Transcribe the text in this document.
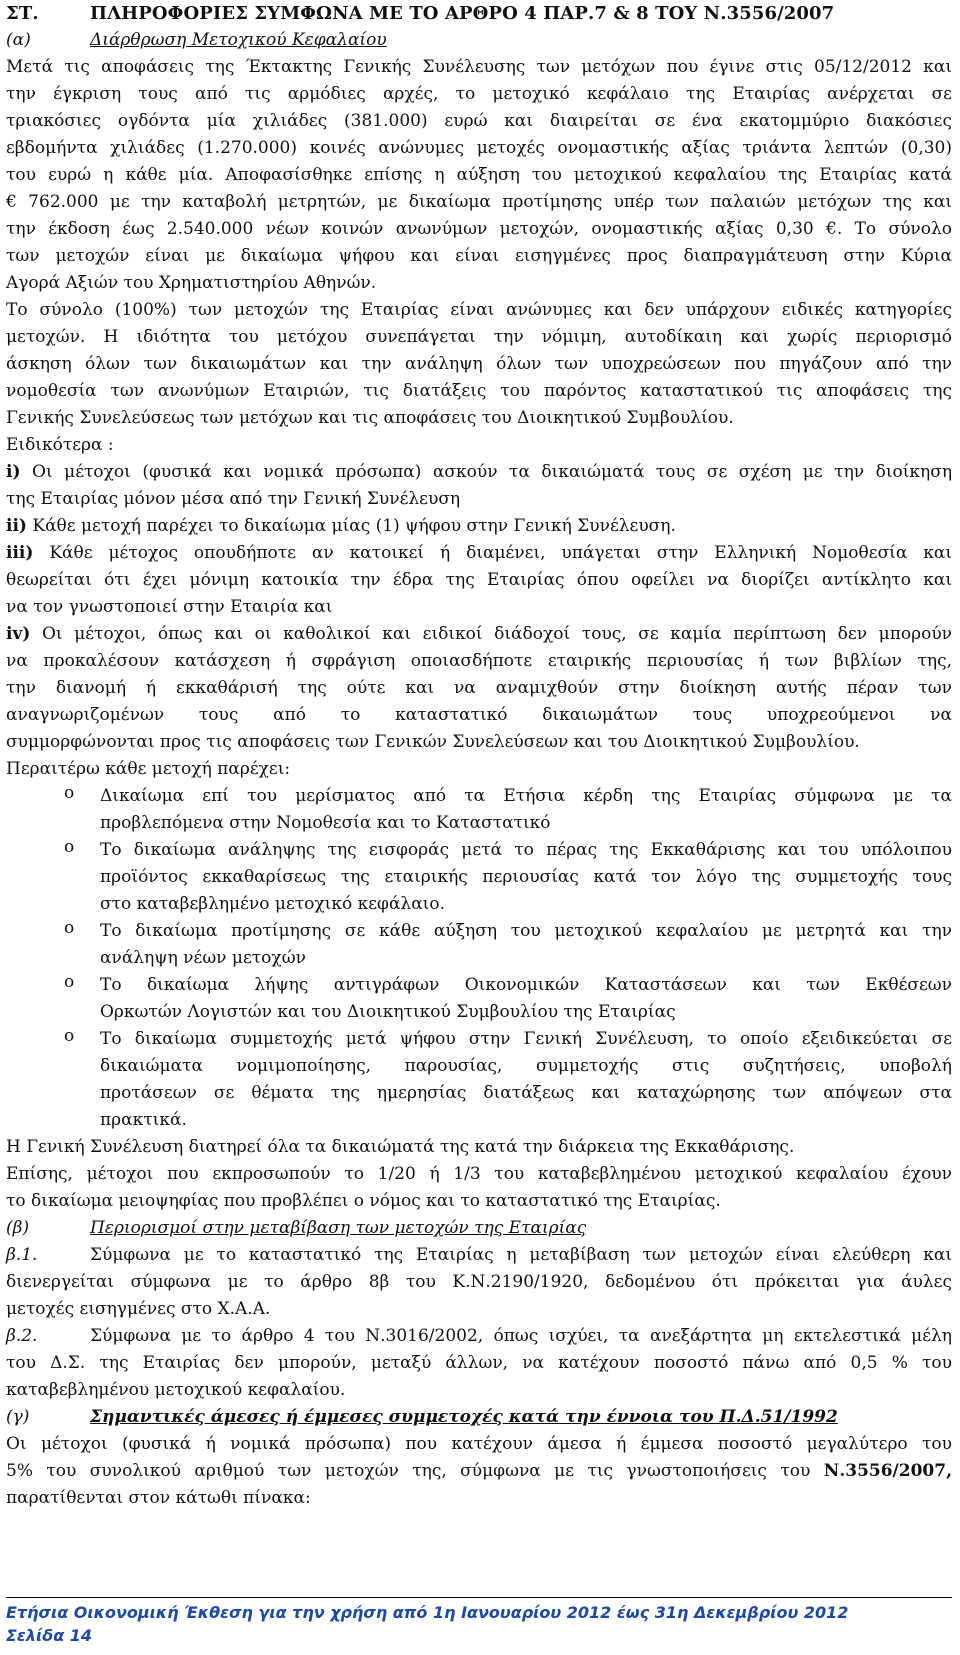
ΣΤ.	ΠΛΗΡΟΦΟΡΙΕΣ ΣΥΜΦΩΝΑ ΜΕ ΤΟ ΑΡΘΡΟ 4 ΠΑΡ.7 & 8 ΤΟΥ Ν.3556/2007
(α)	Διάρθρωση Μετοχικού Κεφαλαίου
Μετά τις αποφάσεις της Έκτακτης Γενικής Συνέλευσης των μετόχων που έγινε στις 05/12/2012 και
την έγκριση τους από τις αρμόδιες αρχές, το μετοχικό κεφάλαιο της Εταιρίας ανέρχεται σε
τριακόσιες ογδόντα μία χιλιάδες (381.000) ευρώ και διαιρείται σε ένα εκατομμύριο διακόσιες
εβδομήντα χιλιάδες (1.270.000) κοινές ανώνυμες μετοχές ονομαστικής αξίας τριάντα λεπτών (0,30)
του ευρώ η κάθε μία. Αποφασίσθηκε επίσης η αύξηση του μετοχικού κεφαλαίου της Εταιρίας κατά
€ 762.000 με την καταβολή μετρητών, με δικαίωμα προτίμησης υπέρ των παλαιών μετόχων της και
την έκδοση έως 2.540.000 νέων κοινών ανωνύμων μετοχών, ονομαστικής αξίας 0,30 €. Το σύνολο
των μετοχών είναι με δικαίωμα ψήφου και είναι εισηγμένες προς διαπραγμάτευση στην Κύρια
Αγορά Αξιών του Χρηματιστηρίου Αθηνών.
Το σύνολο (100%) των μετοχών της Εταιρίας είναι ανώνυμες και δεν υπάρχουν ειδικές κατηγορίες
μετοχών. Η ιδιότητα του μετόχου συνεπάγεται την νόμιμη, αυτοδίκαιη και χωρίς περιορισμό
άσκηση όλων των δικαιωμάτων και την ανάληψη όλων των υποχρεώσεων που πηγάζουν από την
νομοθεσία των ανωνύμων Εταιριών, τις διατάξεις του παρόντος καταστατικού τις αποφάσεις της
Γενικής Συνελεύσεως των μετόχων και τις αποφάσεις του Διοικητικού Συμβουλίου.
Ειδικότερα :
i) Οι μέτοχοι (φυσικά και νομικά πρόσωπα) ασκούν τα δικαιώματά τους σε σχέση με την διοίκηση
της Εταιρίας μόνον μέσα από την Γενική Συνέλευση
ii) Κάθε μετοχή παρέχει το δικαίωμα μίας (1) ψήφου στην Γενική Συνέλευση.
iii) Κάθε μέτοχος οπουδήποτε αν κατοικεί ή διαμένει, υπάγεται στην Ελληνική Νομοθεσία και
θεωρείται ότι έχει μόνιμη κατοικία την έδρα της Εταιρίας όπου οφείλει να διορίζει αντίκλητο και
να τον γνωστοποιεί στην Εταιρία και
iv) Οι μέτοχοι, όπως και οι καθολικοί και ειδικοί διάδοχοί τους, σε καμία περίπτωση δεν μπορούν
να προκαλέσουν κατάσχεση ή σφράγιση οποιασδήποτε εταιρικής περιουσίας ή των βιβλίων της,
την διανομή ή εκκαθάρισή της ούτε και να αναμιχθούν στην διοίκηση αυτής πέραν των
αναγνωριζομένων τους από το καταστατικό δικαιωμάτων τους υποχρεούμενοι να
συμμορφώνονται προς τις αποφάσεις των Γενικών Συνελεύσεων και του Διοικητικού Συμβουλίου.
Περαιτέρω κάθε μετοχή παρέχει:
o Δικαίωμα επί του μερίσματος από τα Ετήσια κέρδη της Εταιρίας σύμφωνα με τα
προβλεπόμενα στην Νομοθεσία και το Καταστατικό
o Το δικαίωμα ανάληψης της εισφοράς μετά το πέρας της Εκκαθάρισης και του υπόλοιπου
προϊόντος εκκαθαρίσεως της εταιρικής περιουσίας κατά τον λόγο της συμμετοχής τους
στο καταβεβλημένο μετοχικό κεφάλαιο.
o Το δικαίωμα προτίμησης σε κάθε αύξηση του μετοχικού κεφαλαίου με μετρητά και την
ανάληψη νέων μετοχών
o Το δικαίωμα λήψης αντιγράφων Οικονομικών Καταστάσεων και των Εκθέσεων
Ορκωτών Λογιστών και του Διοικητικού Συμβουλίου της Εταιρίας
o Το δικαίωμα συμμετοχής μετά ψήφου στην Γενική Συνέλευση, το οποίο εξειδικεύεται σε
δικαιώματα νομιμοποίησης, παρουσίας, συμμετοχής στις συζητήσεις, υποβολή
προτάσεων σε θέματα της ημερησίας διατάξεως και καταχώρησης των απόψεων στα
πρακτικά.
Η Γενική Συνέλευση διατηρεί όλα τα δικαιώματά της κατά την διάρκεια της Εκκαθάρισης.
Επίσης, μέτοχοι που εκπροσωπούν το 1/20 ή 1/3 του καταβεβλημένου μετοχικού κεφαλαίου έχουν
το δικαίωμα μειοψηφίας που προβλέπει ο νόμος και το καταστατικό της Εταιρίας.
(β)	Περιορισμοί στην μεταβίβαση των μετοχών της Εταιρίας
β.1.	Σύμφωνα με το καταστατικό της Εταιρίας η μεταβίβαση των μετοχών είναι ελεύθερη και
διενεργείται σύμφωνα με το άρθρο 8β του Κ.Ν.2190/1920, δεδομένου ότι πρόκειται για άυλες
μετοχές εισηγμένες στο Χ.Α.Α.
β.2.	Σύμφωνα με το άρθρο 4 του Ν.3016/2002, όπως ισχύει, τα ανεξάρτητα μη εκτελεστικά μέλη
του Δ.Σ. της Εταιρίας δεν μπορούν, μεταξύ άλλων, να κατέχουν ποσοστό πάνω από 0,5 % του
καταβεβλημένου μετοχικού κεφαλαίου.
(γ)	Σημαντικές άμεσες ή έμμεσες συμμετοχές κατά την έννοια του Π.Δ.51/1992
Οι μέτοχοι (φυσικά ή νομικά πρόσωπα) που κατέχουν άμεσα ή έμμεσα ποσοστό μεγαλύτερο του
5% του συνολικού αριθμού των μετοχών της, σύμφωνα με τις γνωστοποιήσεις του Ν.3556/2007,
παρατίθενται στον κάτωθι πίνακα:
Ετήσια Οικονομική Έκθεση για την χρήση από 1η Ιανουαρίου 2012 έως 31η Δεκεμβρίου 2012
Σελίδα 14
